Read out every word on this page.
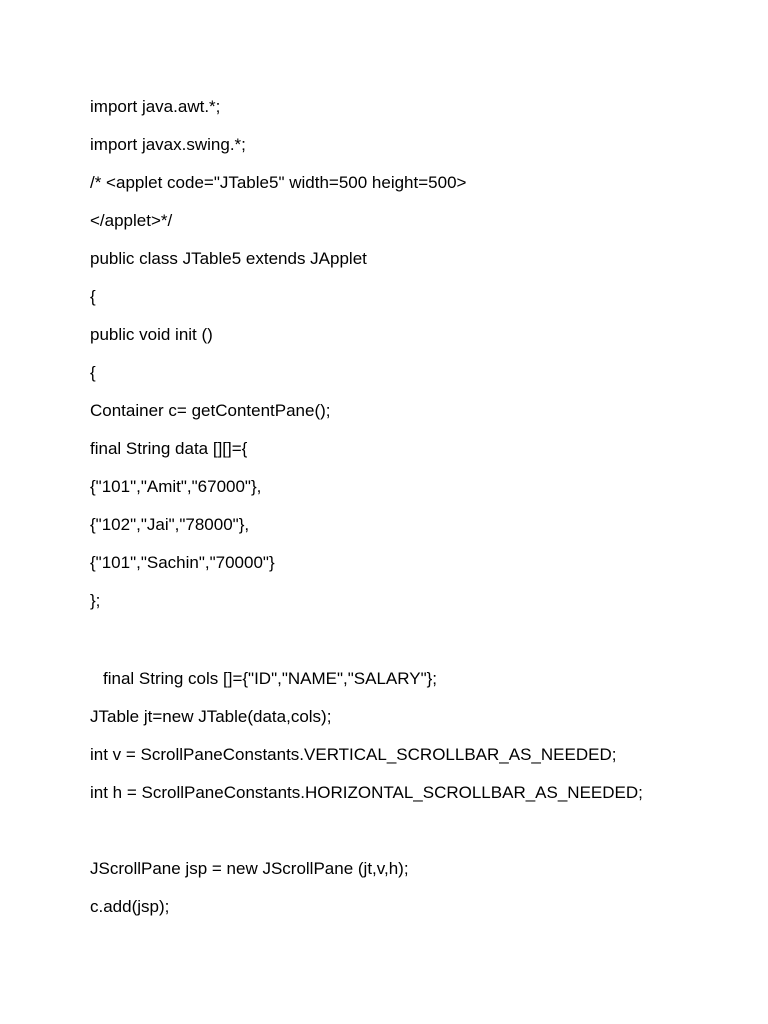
import java.awt.*;
import javax.swing.*;
/* <applet code="JTable5" width=500 height=500>
</applet>*/
public class JTable5 extends JApplet
{
public void init ()
{
Container c= getContentPane();
final String data [][]={
{"101","Amit","67000"},
{"102","Jai","78000"},
{"101","Sachin","70000"}
};
final String cols []={"ID","NAME","SALARY"};
JTable jt=new JTable(data,cols);
int v = ScrollPaneConstants.VERTICAL_SCROLLBAR_AS_NEEDED;
int h = ScrollPaneConstants.HORIZONTAL_SCROLLBAR_AS_NEEDED;
JScrollPane jsp = new JScrollPane (jt,v,h);
c.add(jsp);
